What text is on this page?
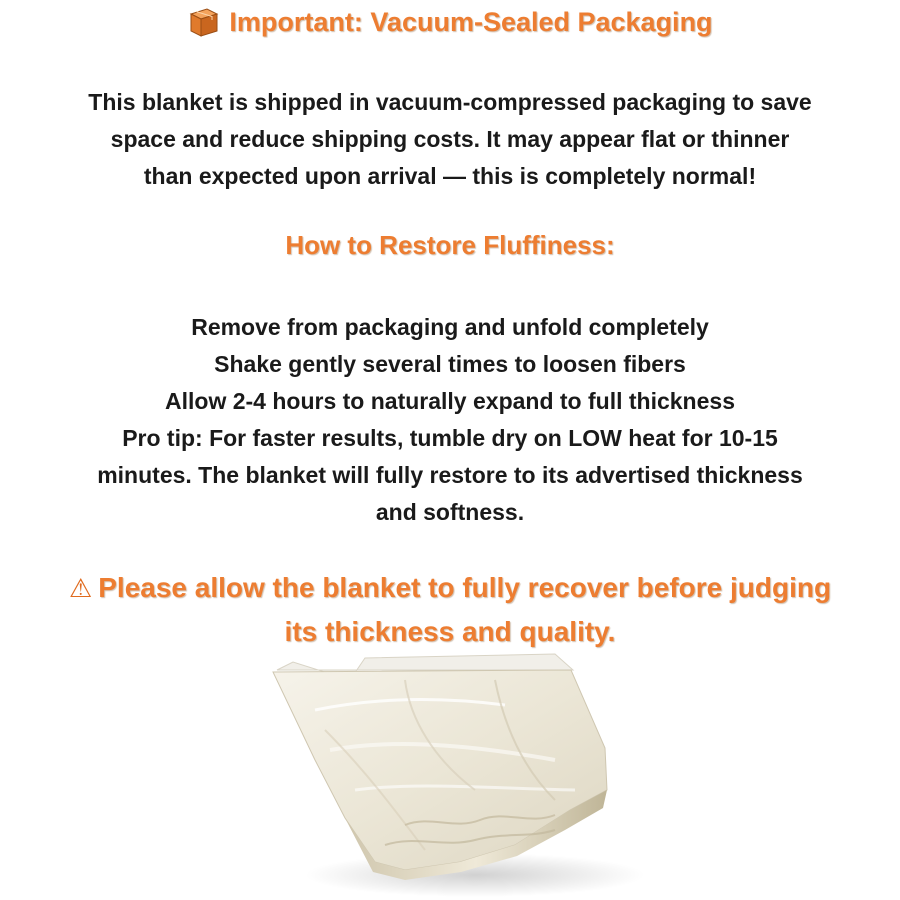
Important: Vacuum-Sealed Packaging
This blanket is shipped in vacuum-compressed packaging to save
space and reduce shipping costs. It may appear flat or thinner
than expected upon arrival — this is completely normal!
How to Restore Fluffiness:
Remove from packaging and unfold completely
Shake gently several times to loosen fibers
Allow 2-4 hours to naturally expand to full thickness
Pro tip: For faster results, tumble dry on LOW heat for 10-15
minutes. The blanket will fully restore to its advertised thickness
and softness.
⚠ Please allow the blanket to fully recover before judging
its thickness and quality.
